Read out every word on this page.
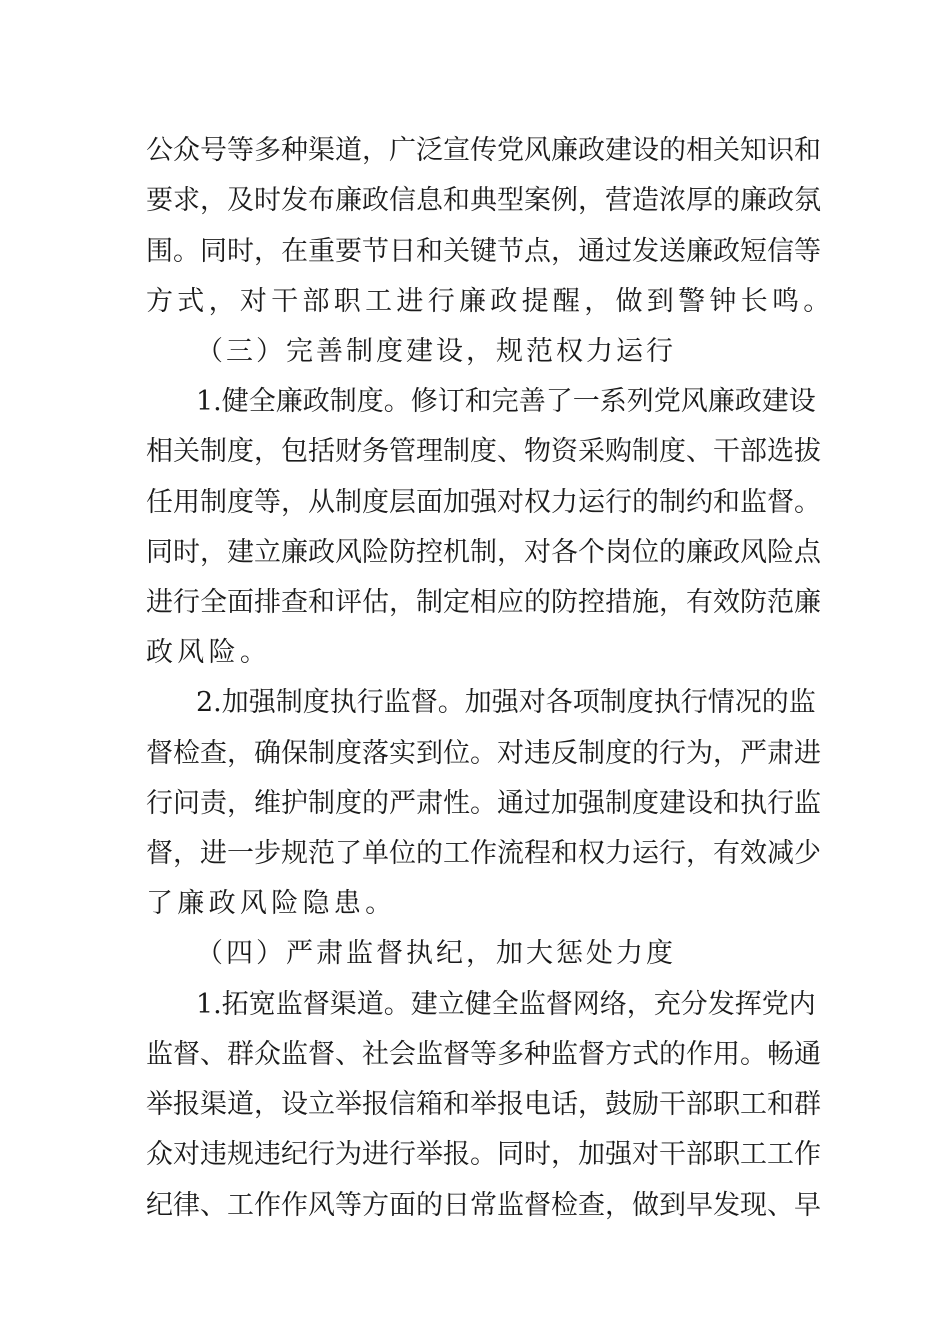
公众号等多种渠道，广泛宣传党风廉政建设的相关知识和
要求，及时发布廉政信息和典型案例，营造浓厚的廉政氛
围。同时，在重要节日和关键节点，通过发送廉政短信等
方式，对干部职工进行廉政提醒，做到警钟长鸣。
（三）完善制度建设，规范权力运行
1.健全廉政制度。修订和完善了一系列党风廉政建设
相关制度，包括财务管理制度、物资采购制度、干部选拔
任用制度等，从制度层面加强对权力运行的制约和监督。
同时，建立廉政风险防控机制，对各个岗位的廉政风险点
进行全面排查和评估，制定相应的防控措施，有效防范廉
政风险。
2.加强制度执行监督。加强对各项制度执行情况的监
督检查，确保制度落实到位。对违反制度的行为，严肃进
行问责，维护制度的严肃性。通过加强制度建设和执行监
督，进一步规范了单位的工作流程和权力运行，有效减少
了廉政风险隐患。
（四）严肃监督执纪，加大惩处力度
1.拓宽监督渠道。建立健全监督网络，充分发挥党内
监督、群众监督、社会监督等多种监督方式的作用。畅通
举报渠道，设立举报信箱和举报电话，鼓励干部职工和群
众对违规违纪行为进行举报。同时，加强对干部职工工作
纪律、工作作风等方面的日常监督检查，做到早发现、早
